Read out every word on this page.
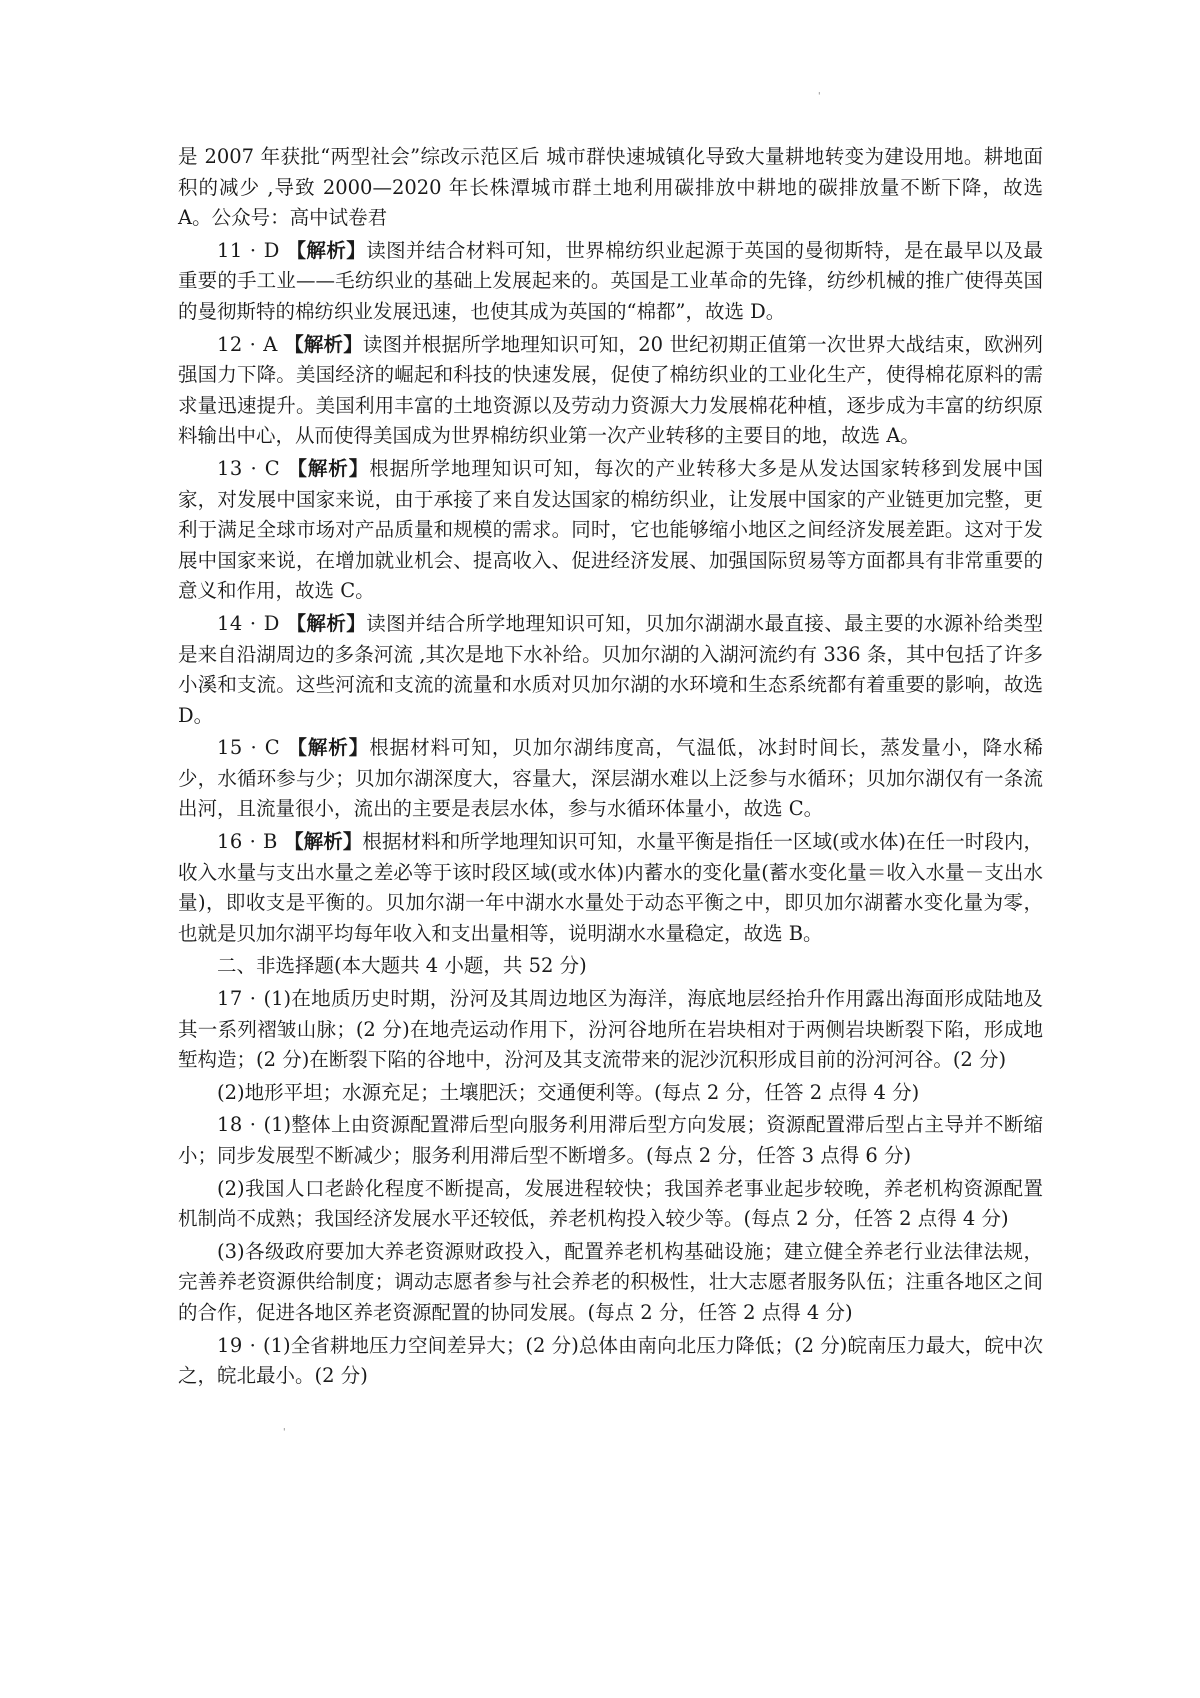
'

是 2007 年获批“两型社会”综改示范区后 城市群快速城镇化导致大量耕地转变为建设用地。耕地面积的减少 ,导致 2000—2020 年长株潭城市群土地利用碳排放中耕地的碳排放量不断下降，故选 A。公众号：高中试卷君

11 · D 【解析】读图并结合材料可知，世界棉纺织业起源于英国的曼彻斯特，是在最早以及最重要的手工业——毛纺织业的基础上发展起来的。英国是工业革命的先锋，纺纱机械的推广使得英国的曼彻斯特的棉纺织业发展迅速，也使其成为英国的“棉都”，故选 D。

12 · A 【解析】读图并根据所学地理知识可知，20 世纪初期正值第一次世界大战结束，欧洲列强国力下降。美国经济的崛起和科技的快速发展，促使了棉纺织业的工业化生产，使得棉花原料的需求量迅速提升。美国利用丰富的土地资源以及劳动力资源大力发展棉花种植，逐步成为丰富的纺织原料输出中心，从而使得美国成为世界棉纺织业第一次产业转移的主要目的地，故选 A。

13 · C 【解析】根据所学地理知识可知，每次的产业转移大多是从发达国家转移到发展中国家，对发展中国家来说，由于承接了来自发达国家的棉纺织业，让发展中国家的产业链更加完整，更利于满足全球市场对产品质量和规模的需求。同时，它也能够缩小地区之间经济发展差距。这对于发展中国家来说，在增加就业机会、提高收入、促进经济发展、加强国际贸易等方面都具有非常重要的意义和作用，故选 C。

14 · D 【解析】读图并结合所学地理知识可知，贝加尔湖湖水最直接、最主要的水源补给类型是来自沿湖周边的多条河流 ,其次是地下水补给。贝加尔湖的入湖河流约有 336 条，其中包括了许多小溪和支流。这些河流和支流的流量和水质对贝加尔湖的水环境和生态系统都有着重要的影响，故选 D。

15 · C 【解析】根据材料可知，贝加尔湖纬度高，气温低，冰封时间长，蒸发量小，降水稀少，水循环参与少；贝加尔湖深度大，容量大，深层湖水难以上泛参与水循环；贝加尔湖仅有一条流出河，且流量很小，流出的主要是表层水体，参与水循环体量小，故选 C。

16 · B 【解析】根据材料和所学地理知识可知，水量平衡是指任一区域(或水体)在任一时段内，收入水量与支出水量之差必等于该时段区域(或水体)内蓄水的变化量(蓄水变化量＝收入水量－支出水量)，即收支是平衡的。贝加尔湖一年中湖水水量处于动态平衡之中，即贝加尔湖蓄水变化量为零，也就是贝加尔湖平均每年收入和支出量相等，说明湖水水量稳定，故选 B。

二、非选择题(本大题共 4 小题，共 52 分)

17 · (1)在地质历史时期，汾河及其周边地区为海洋，海底地层经抬升作用露出海面形成陆地及其一系列褶皱山脉；(2 分)在地壳运动作用下，汾河谷地所在岩块相对于两侧岩块断裂下陷，形成地堑构造；(2 分)在断裂下陷的谷地中，汾河及其支流带来的泥沙沉积形成目前的汾河河谷。(2 分)

(2)地形平坦；水源充足；土壤肥沃；交通便利等。(每点 2 分，任答 2 点得 4 分)

18 · (1)整体上由资源配置滞后型向服务利用滞后型方向发展；资源配置滞后型占主导并不断缩小；同步发展型不断减少；服务利用滞后型不断增多。(每点 2 分，任答 3 点得 6 分)

(2)我国人口老龄化程度不断提高，发展进程较快；我国养老事业起步较晚，养老机构资源配置机制尚不成熟；我国经济发展水平还较低，养老机构投入较少等。(每点 2 分，任答 2 点得 4 分)

(3)各级政府要加大养老资源财政投入，配置养老机构基础设施；建立健全养老行业法律法规，完善养老资源供给制度；调动志愿者参与社会养老的积极性，壮大志愿者服务队伍；注重各地区之间的合作，促进各地区养老资源配置的协同发展。(每点 2 分，任答 2 点得 4 分)

19 · (1)全省耕地压力空间差异大；(2 分)总体由南向北压力降低；(2 分)皖南压力最大，皖中次之，皖北最小。(2 分)

'
